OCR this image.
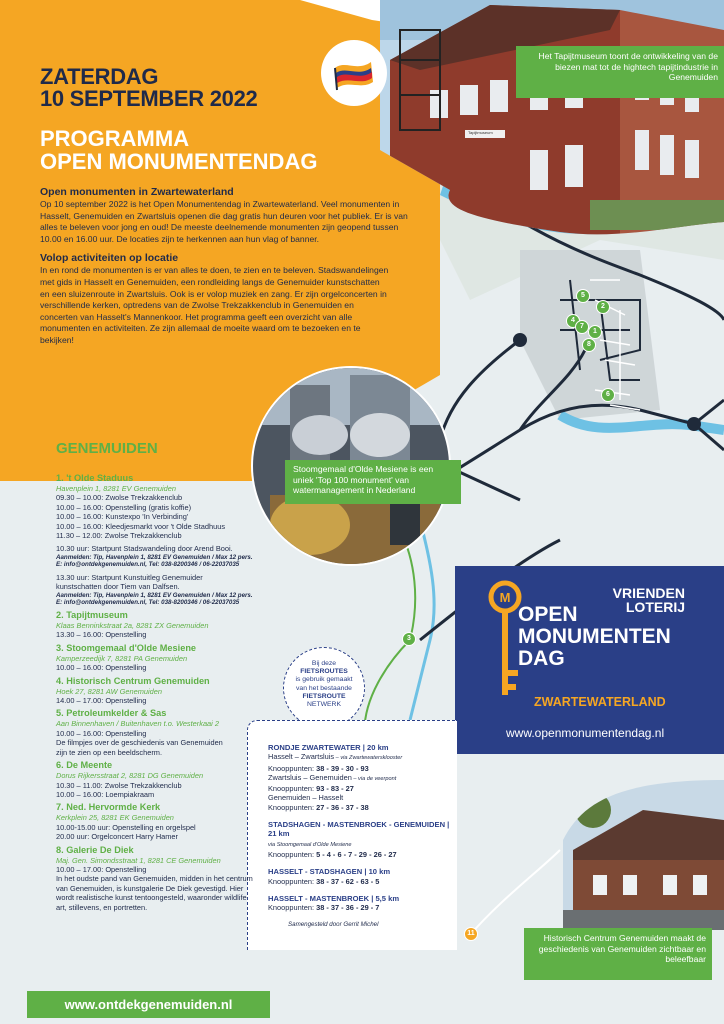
Tapijtmuseum
Het Tapijtmuseum toont de ontwikkeling van de biezen mat tot de hightech tapijtindustrie in Genemuiden
ZATERDAG
10 SEPTEMBER 2022
PROGRAMMA
OPEN MONUMENTENDAG
Open monumenten in Zwartewaterland

Op 10 september 2022 is het Open Monumentendag in Zwartewaterland. Veel monumenten in Hasselt, Genemuiden en Zwartsluis openen die dag gratis hun deuren voor het publiek. Er is van alles te beleven voor jong en oud! De meeste deelnemende monumenten zijn geopend tussen 10.00 en 16.00 uur. De locaties zijn te herkennen aan hun vlag of banner.

Volop activiteiten op locatie

In en rond de monumenten is er van alles te doen, te zien en te beleven. Stadswandelingen met gids in Hasselt en Genemuiden, een rondleiding langs de Genemuider kunstschatten en een sluizenroute in Zwartsluis. Ook is er volop muziek en zang. Er zijn orgelconcerten in verschillende kerken, optredens van de Zwolse Trekzakkenclub in Genemuiden en concerten van Hasselt's Mannenkoor. Het programma geeft een overzicht van alle monumenten en activiteiten. Ze zijn allemaal de moeite waard om te bezoeken en te bekijken!

Stoomgemaal d'Olde Mesiene is een uniek 'Top 100 monument' van watermanagement in Nederland
5
2
4
7
1
8
6
3
11
M	VRIENDEN
LOTERIJ
OPEN
MONUMENTEN
DAG
ZWARTEWATERLAND
www.openmonumentendag.nl
Bij deze
FIETSROUTES
is gebruik gemaakt
van het bestaande
FIETSROUTE
NETWERK
RONDJE ZWARTEWATER | 20 km
Hasselt – Zwartsluis – via Zwartewatersklooster
Knooppunten: 38 - 39 - 30 - 93
Zwartsluis – Genemuiden – via de veerpont
Knooppunten: 93 - 83 - 27
Genemuiden – Hasselt
Knooppunten: 27 - 36 - 37 - 38
STADSHAGEN - MASTENBROEK - GENEMUIDEN | 21 km
via Stoomgemaal d'Olde Mesiene
Knooppunten: 5 - 4 - 6 - 7 - 29 - 26 - 27
HASSELT - STADSHAGEN | 10 km
Knooppunten: 38 - 37 - 62 - 63 - 5
HASSELT - MASTENBROEK | 5,5 km
Knooppunten: 38 - 37 - 36 - 29 - 7
Samengesteld door Gerrit Michel
Historisch Centrum Genemuiden maakt de geschiedenis van Genemuiden zichtbaar en beleefbaar
GENEMUIDEN
1. 't Olde Staduus
Havenplein 1, 8281 EV Genemuiden
09.30 – 10.00: Zwolse Trekzakkenclub
10.00 – 16.00: Openstelling (gratis koffie)
10.00 – 16.00: Kunstexpo 'In Verbinding'
10.00 – 16.00: Kleedjesmarkt voor 't Olde Stadhuus
11.30 – 12.00: Zwolse Trekzakkenclub
10.30 uur: Startpunt Stadswandeling door Arend Booi.
Aanmelden: Tip, Havenplein 1, 8281 EV Genemuiden / Max 12 pers.
E: info@ontdekgenemuiden.nl, Tel: 038-8200346 / 06-22037035
13.30 uur: Startpunt Kunstuitleg Genemuider
kunstschatten door Tiem van Dalfsen.
Aanmelden: Tip, Havenplein 1, 8281 EV Genemuiden / Max 12 pers.
E: info@ontdekgenemuiden.nl, Tel: 038-8200346 / 06-22037035
2. Tapijtmuseum
Klaas Benninkstraat 2a, 8281 ZX Genemuiden
13.30 – 16.00: Openstelling
3. Stoomgemaal d'Olde Mesiene
Kamperzeedijk 7, 8281 PA Genemuiden
10.00 – 16.00: Openstelling
4. Historisch Centrum Genemuiden
Hoek 27, 8281 AW Genemuiden
14.00 – 17.00: Openstelling
5. Petroleumkelder & Sas
Aan Binnenhaven / Buitenhaven t.o. Westerkaai 2
10.00 – 16.00: Openstelling
De filmpjes over de geschiedenis van Genemuiden
zijn te zien op een beeldscherm.
6. De Meente
Dorus Rijkersstraat 2, 8281 DG Genemuiden
10.30 – 11.00: Zwolse Trekzakkenclub
10.00 – 16.00: Loempiakraam
7. Ned. Hervormde Kerk
Kerkplein 25, 8281 EK Genemuiden
10.00-15.00 uur: Openstelling en orgelspel
20.00 uur: Orgelconcert Harry Hamer
8. Galerie De Diek
Maj. Gen. Simondsstraat 1, 8281 CE Genemuiden
10.00 – 17.00: Openstelling
In het oudste pand van Genemuiden, midden in het centrum van Genemuiden, is kunstgalerie De Diek gevestigd. Hier wordt realistische kunst tentoongesteld, waaronder wildlife art, stillevens, en portretten.
www.ontdekgenemuiden.nl
